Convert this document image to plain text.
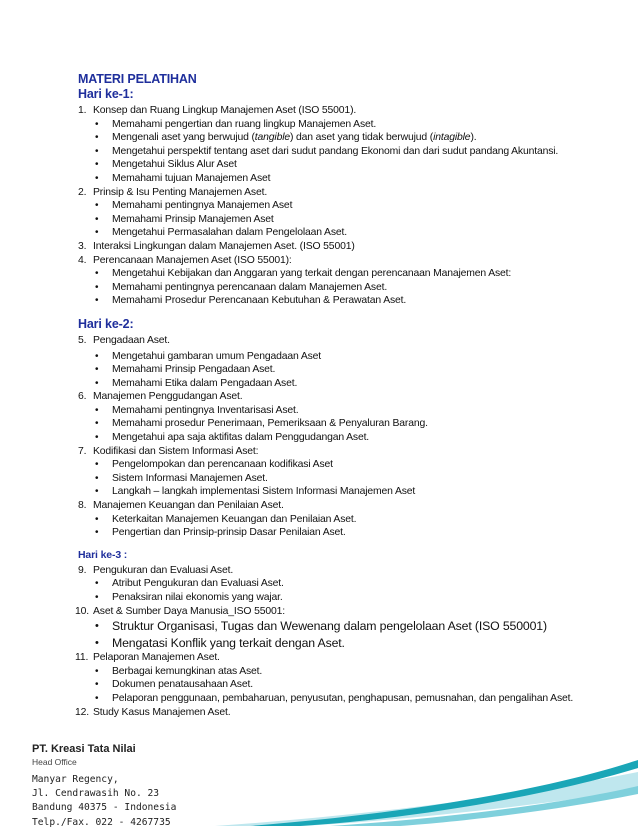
MATERI PELATIHAN
Hari ke-1:
1. Konsep dan Ruang Lingkup Manajemen Aset (ISO 55001).
• Memahami pengertian dan ruang lingkup Manajemen Aset.
• Mengenali aset yang berwujud (tangible) dan aset yang tidak berwujud (intagible).
• Mengetahui perspektif tentang aset dari sudut pandang Ekonomi dan dari sudut pandang Akuntansi.
• Mengetahui Siklus Alur Aset
• Memahami tujuan Manajemen Aset
2. Prinsip & Isu Penting Manajemen Aset.
• Memahami pentingnya Manajemen Aset
• Memahami Prinsip Manajemen Aset
• Mengetahui Permasalahan dalam Pengelolaan Aset.
3. Interaksi Lingkungan dalam Manajemen Aset. (ISO 55001)
4. Perencanaan Manajemen Aset (ISO 55001):
• Mengetahui Kebijakan dan Anggaran yang terkait dengan perencanaan Manajemen Aset:
• Memahami pentingnya perencanaan dalam Manajemen Aset.
• Memahami Prosedur Perencanaan Kebutuhan & Perawatan Aset.
Hari ke-2:
5. Pengadaan Aset.
• Mengetahui gambaran umum Pengadaan Aset
• Memahami Prinsip Pengadaan Aset.
• Memahami Etika dalam Pengadaan Aset.
6. Manajemen Penggudangan Aset.
• Memahami pentingnya Inventarisasi Aset.
• Memahami prosedur Penerimaan, Pemeriksaan & Penyaluran Barang.
• Mengetahui apa saja aktifitas dalam Penggudangan Aset.
7. Kodifikasi dan Sistem Informasi Aset:
• Pengelompokan dan perencanaan kodifikasi Aset
• Sistem Informasi Manajemen Aset.
• Langkah – langkah implementasi Sistem Informasi Manajemen Aset
8. Manajemen Keuangan dan Penilaian Aset.
• Keterkaitan Manajemen Keuangan dan Penilaian Aset.
• Pengertian dan Prinsip-prinsip Dasar Penilaian Aset.
Hari ke-3 :
9. Pengukuran dan Evaluasi Aset.
• Atribut Pengukuran dan Evaluasi Aset.
• Penaksiran nilai ekonomis yang wajar.
10. Aset & Sumber Daya Manusia_ISO 55001:
• Struktur Organisasi, Tugas dan Wewenang dalam pengelolaan Aset (ISO 550001)
• Mengatasi Konflik yang terkait dengan Aset.
11. Pelaporan Manajemen Aset.
• Berbagai kemungkinan atas Aset.
• Dokumen penatausahaan Aset.
• Pelaporan penggunaan, pembaharuan, penyusutan, penghapusan, pemusnahan, dan pengalihan Aset.
12. Study Kasus Manajemen Aset.
PT. Kreasi Tata Nilai
Head Office
Manyar Regency,
Jl. Cendrawasih No. 23
Bandung 40375 - Indonesia
Telp./Fax. 022 - 4267735
